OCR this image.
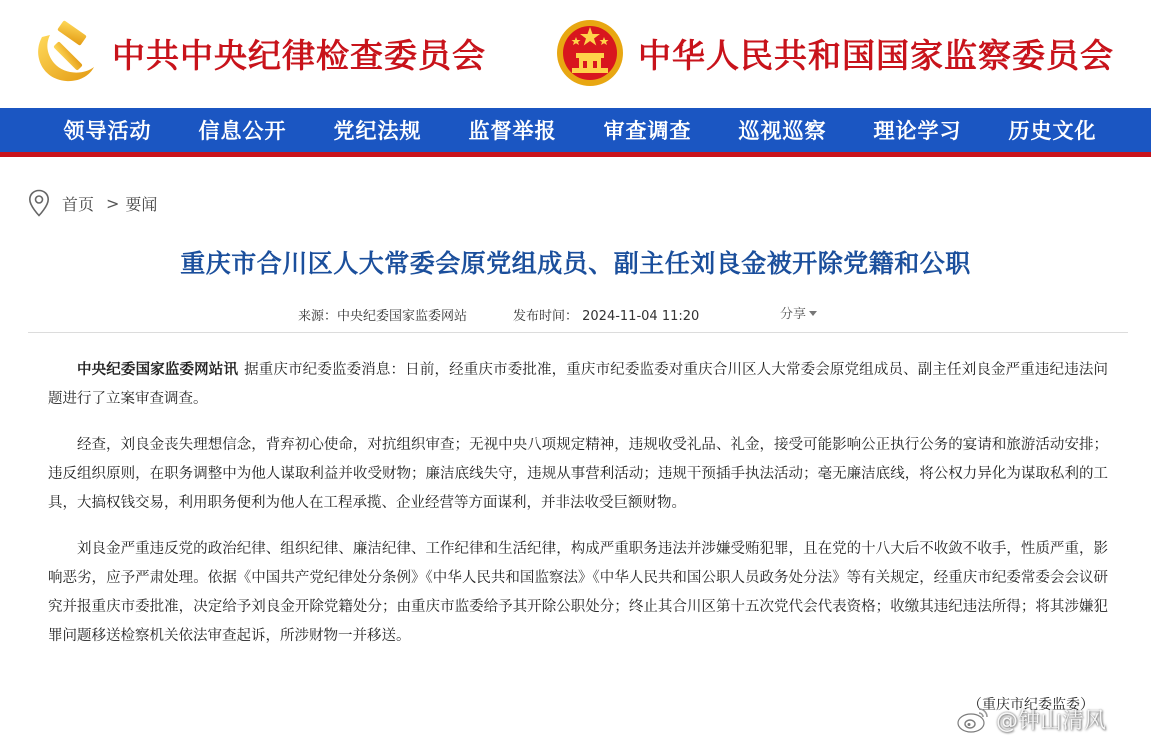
中共中央纪律检查委员会	中华人民共和国国家监察委员会
领导活动	信息公开	党纪法规	监督举报	审查调查	巡视巡察	理论学习	历史文化
首页 > 要闻
重庆市合川区人大常委会原党组成员、副主任刘良金被开除党籍和公职
来源：中央纪委国家监委网站	发布时间： 2024-11-04 11:20	分享

中央纪委国家监委网站讯 据重庆市纪委监委消息：日前，经重庆市委批准，重庆市纪委监委对重庆合川区人大常委会原党组成员、副主任刘良金严重违纪违法问题进行了立案审查调查。

经查，刘良金丧失理想信念，背弃初心使命，对抗组织审查；无视中央八项规定精神，违规收受礼品、礼金，接受可能影响公正执行公务的宴请和旅游活动安排；违反组织原则，在职务调整中为他人谋取利益并收受财物；廉洁底线失守，违规从事营利活动；违规干预插手执法活动；毫无廉洁底线，将公权力异化为谋取私利的工具，大搞权钱交易，利用职务便利为他人在工程承揽、企业经营等方面谋利，并非法收受巨额财物。

刘良金严重违反党的政治纪律、组织纪律、廉洁纪律、工作纪律和生活纪律，构成严重职务违法并涉嫌受贿犯罪，且在党的十八大后不收敛不收手，性质严重，影响恶劣，应予严肃处理。依据《中国共产党纪律处分条例》《中华人民共和国监察法》《中华人民共和国公职人员政务处分法》等有关规定，经重庆市纪委常委会会议研究并报重庆市委批准，决定给予刘良金开除党籍处分；由重庆市监委给予其开除公职处分；终止其合川区第十五次党代会代表资格；收缴其违纪违法所得；将其涉嫌犯罪问题移送检察机关依法审查起诉，所涉财物一并移送。

（重庆市纪委监委）
@钟山清风
